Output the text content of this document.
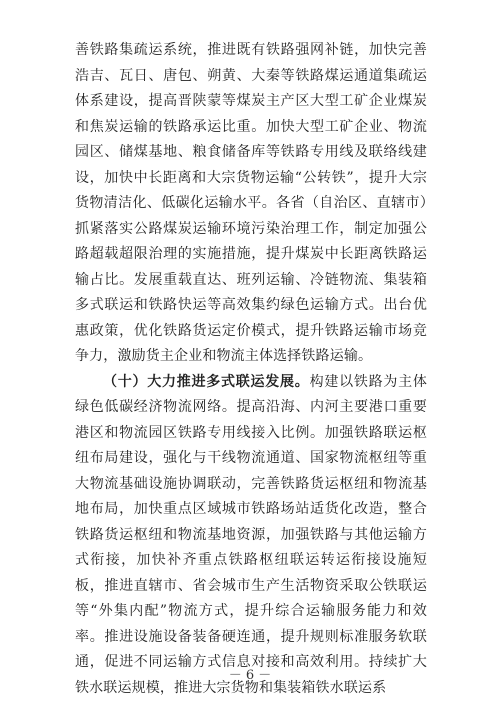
善铁路集疏运系统，推进既有铁路强网补链，加快完善浩吉、瓦日、唐包、朔黄、大秦等铁路煤运通道集疏运体系建设，提高晋陕蒙等煤炭主产区大型工矿企业煤炭和焦炭运输的铁路承运比重。加快大型工矿企业、物流园区、储煤基地、粮食储备库等铁路专用线及联络线建设，加快中长距离和大宗货物运输“公转铁”，提升大宗货物清洁化、低碳化运输水平。各省（自治区、直辖市）抓紧落实公路煤炭运输环境污染治理工作，制定加强公路超载超限治理的实施措施，提升煤炭中长距离铁路运输占比。发展重载直达、班列运输、冷链物流、集装箱多式联运和铁路快运等高效集约绿色运输方式。出台优惠政策，优化铁路货运定价模式，提升铁路运输市场竞争力，激励货主企业和物流主体选择铁路运输。

（十）大力推进多式联运发展。构建以铁路为主体绿色低碳经济物流网络。提高沿海、内河主要港口重要港区和物流园区铁路专用线接入比例。加强铁路联运枢纽布局建设，强化与干线物流通道、国家物流枢纽等重大物流基础设施协调联动，完善铁路货运枢纽和物流基地布局，加快重点区域城市铁路场站适货化改造，整合铁路货运枢纽和物流基地资源，加强铁路与其他运输方式衔接，加快补齐重点铁路枢纽联运转运衔接设施短板，推进直辖市、省会城市生产生活物资采取公铁联运等“外集内配”物流方式，提升综合运输服务能力和效率。推进设施设备装备硬连通，提升规则标准服务软联通，促进不同运输方式信息对接和高效利用。持续扩大铁水联运规模，推进大宗货物和集装箱铁水联运系

－ 6 －
